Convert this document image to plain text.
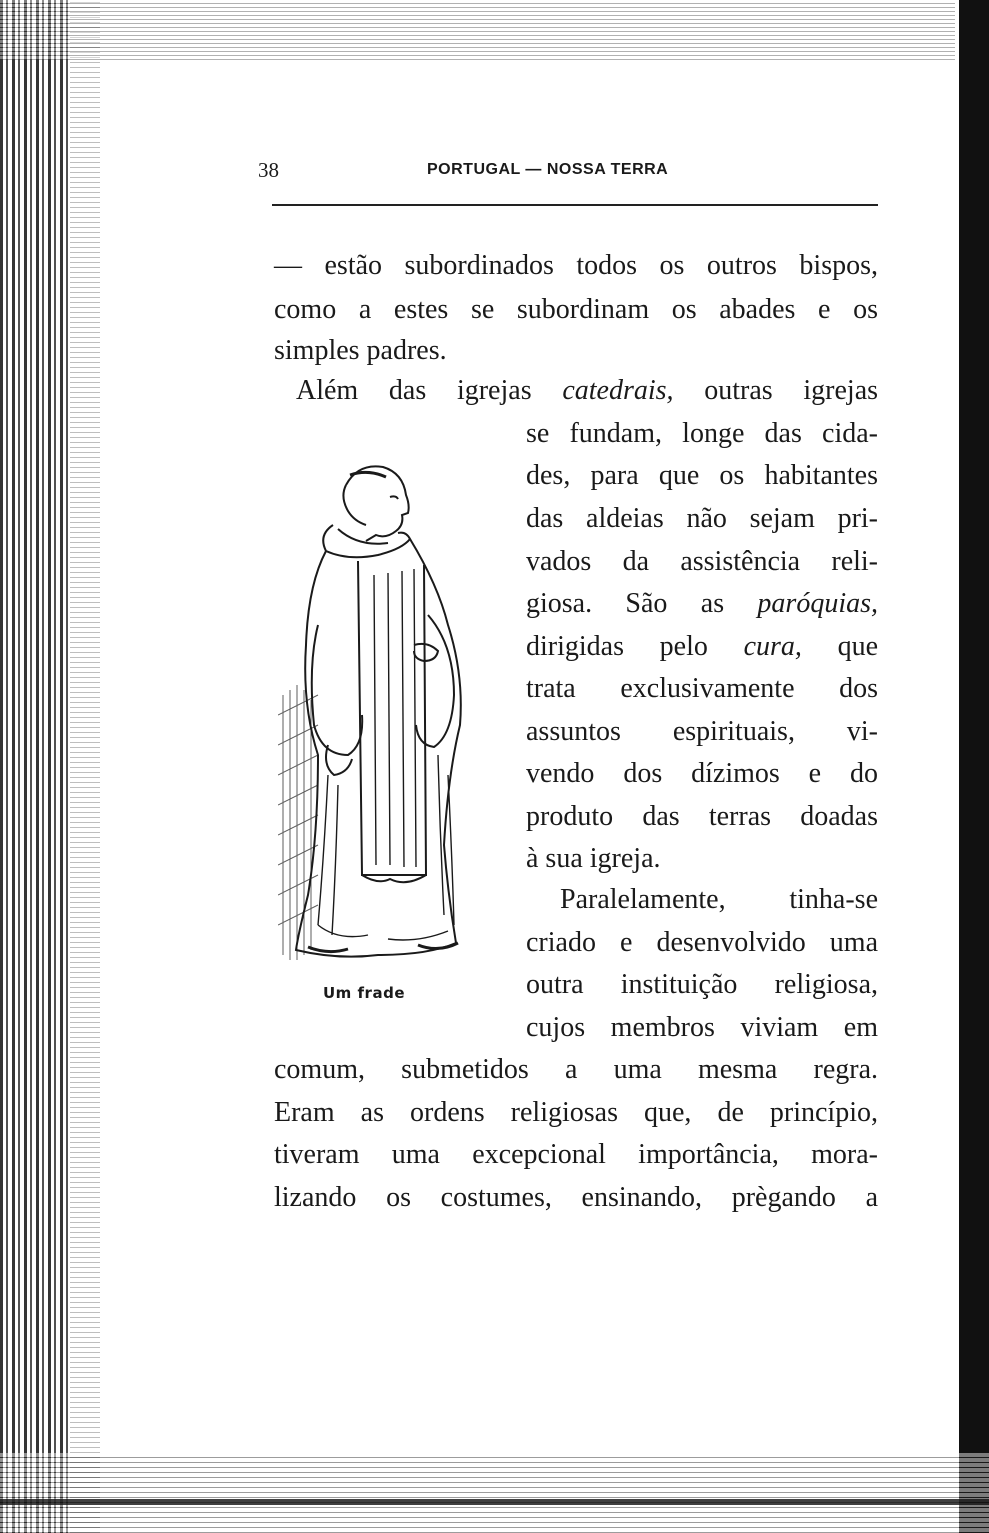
38	PORTUGAL — NOSSA TERRA
— estão subordinados todos os outros bispos,
como a estes se subordinam os abades e os
simples padres.
Além das igrejas catedrais, outras igrejas
se fundam, longe das cida-
des, para que os habitantes
das aldeias não sejam pri-
vados da assistência reli-
giosa. São as paróquias,
dirigidas pelo cura, que
trata exclusivamente dos
assuntos espirituais, vi-
vendo dos dízimos e do
produto das terras doadas
à sua igreja.
Paralelamente, tinha-se
criado e desenvolvido uma
outra instituição religiosa,
cujos membros viviam em
comum, submetidos a uma mesma regra.
Eram as ordens religiosas que, de princípio,
tiveram uma excepcional importância, mora-
lizando os costumes, ensinando, prègando a
Um frade
